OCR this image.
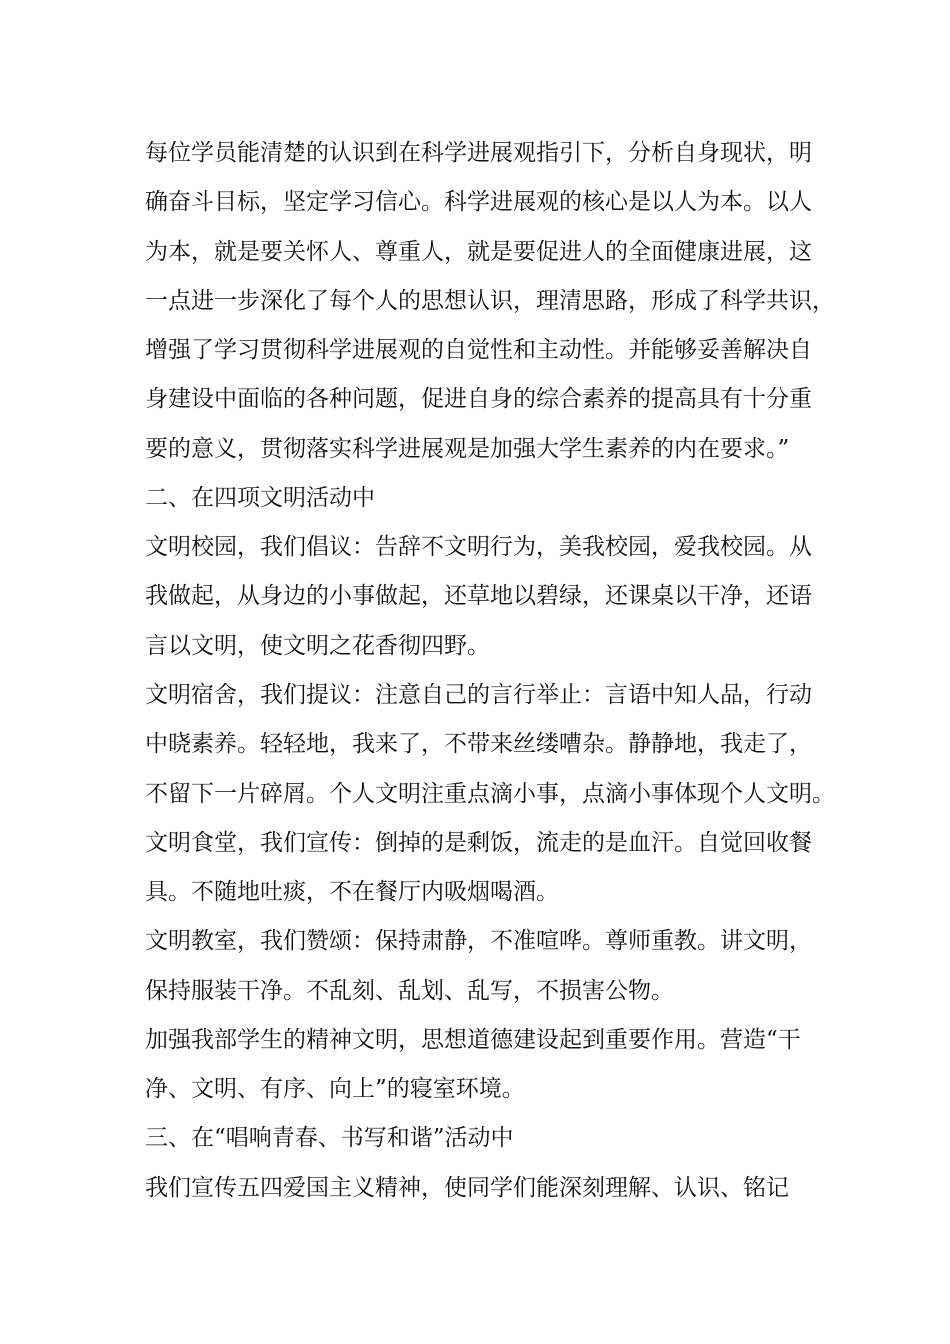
每位学员能清楚的认识到在科学进展观指引下，分析自身现状，明
确奋斗目标，坚定学习信心。科学进展观的核心是以人为本。以人
为本，就是要关怀人、尊重人，就是要促进人的全面健康进展，这
一点进一步深化了每个人的思想认识，理清思路，形成了科学共识，
增强了学习贯彻科学进展观的自觉性和主动性。并能够妥善解决自
身建设中面临的各种问题，促进自身的综合素养的提高具有十分重
要的意义，贯彻落实科学进展观是加强大学生素养的内在要求。”
二、在四项文明活动中
文明校园，我们倡议：告辞不文明行为，美我校园，爱我校园。从
我做起，从身边的小事做起，还草地以碧绿，还课桌以干净，还语
言以文明，使文明之花香彻四野。
文明宿舍，我们提议：注意自己的言行举止：言语中知人品，行动
中晓素养。轻轻地，我来了，不带来丝缕嘈杂。静静地，我走了，
不留下一片碎屑。个人文明注重点滴小事，点滴小事体现个人文明。
文明食堂，我们宣传：倒掉的是剩饭，流走的是血汗。自觉回收餐
具。不随地吐痰，不在餐厅内吸烟喝酒。
文明教室，我们赞颂：保持肃静，不准喧哗。尊师重教。讲文明，
保持服装干净。不乱刻、乱划、乱写，不损害公物。
加强我部学生的精神文明，思想道德建设起到重要作用。营造“干
净、文明、有序、向上”的寝室环境。
三、在“唱响青春、书写和谐”活动中
我们宣传五四爱国主义精神，使同学们能深刻理解、认识、铭记
